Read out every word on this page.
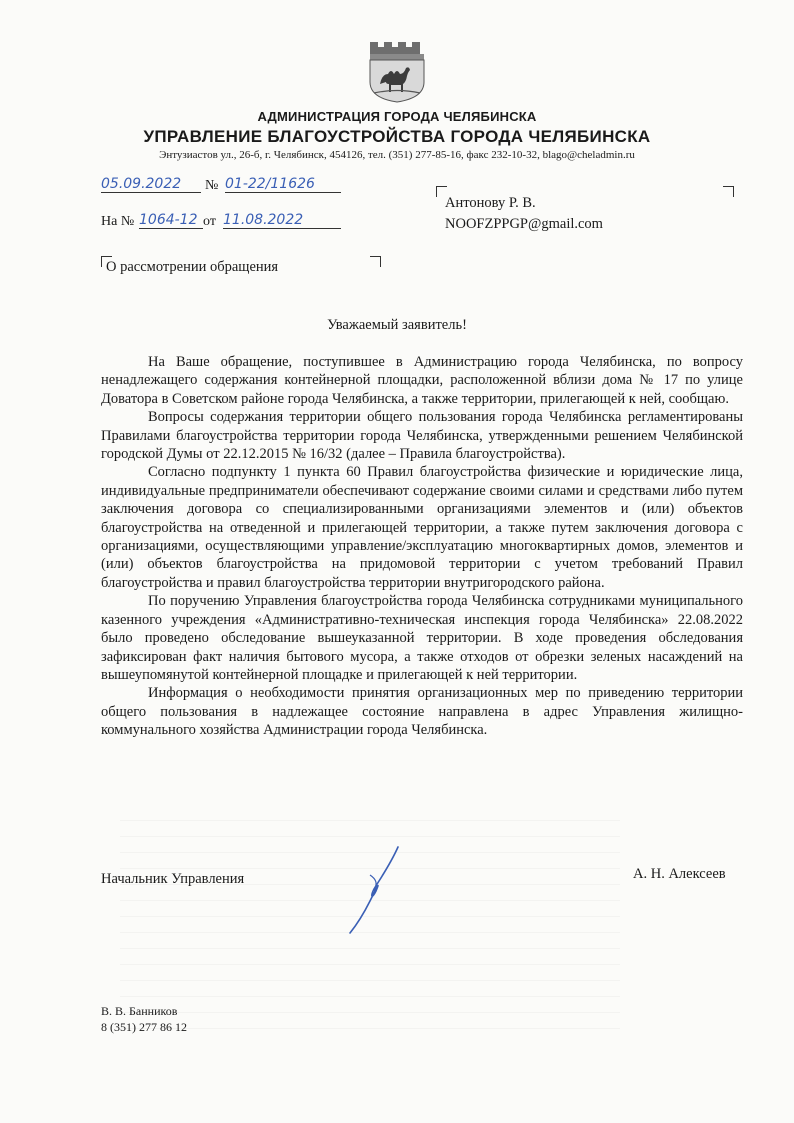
АДМИНИСТРАЦИЯ ГОРОДА ЧЕЛЯБИНСКА
УПРАВЛЕНИЕ БЛАГОУСТРОЙСТВА ГОРОДА ЧЕЛЯБИНСКА
Энтузиастов ул., 26-б, г. Челябинск, 454126, тел. (351) 277-85-16, факс 232-10-32, blago@cheladmin.ru
05.09.2022	№ 01-22/11626
На № 1064-12 от 11.08.2022
Антонову Р. В.
NOOFZPPGP@gmail.com
О рассмотрении обращения
Уважаемый заявитель!

На Ваше обращение, поступившее в Администрацию города Челябинска, по вопросу ненадлежащего содержания контейнерной площадки, расположенной вблизи дома № 17 по улице Доватора в Советском районе города Челябинска, а также территории, прилегающей к ней, сообщаю.

Вопросы содержания территории общего пользования города Челябинска регламентированы Правилами благоустройства территории города Челябинска, утвержденными решением Челябинской городской Думы от 22.12.2015 № 16/32 (далее – Правила благоустройства).

Согласно подпункту 1 пункта 60 Правил благоустройства физические и юридические лица, индивидуальные предприниматели обеспечивают содержание своими силами и средствами либо путем заключения договора со специализированными организациями элементов и (или) объектов благоустройства на отведенной и прилегающей территории, а также путем заключения договора с организациями, осуществляющими управление/эксплуатацию многоквартирных домов, элементов и (или) объектов благоустройства на придомовой территории с учетом требований Правил благоустройства и правил благоустройства территории внутригородского района.

По поручению Управления благоустройства города Челябинска сотрудниками муниципального казенного учреждения «Административно-техническая инспекция города Челябинска» 22.08.2022 было проведено обследование вышеуказанной территории. В ходе проведения обследования зафиксирован факт наличия бытового мусора, а также отходов от обрезки зеленых насаждений на вышеупомянутой контейнерной площадке и прилегающей к ней территории.

Информация о необходимости принятия организационных мер по приведению территории общего пользования в надлежащее состояние направлена в адрес Управления жилищно-коммунального хозяйства Администрации города Челябинска.

Начальник Управления	А. Н. Алексеев
В. В. Банников
8 (351) 277 86 12
